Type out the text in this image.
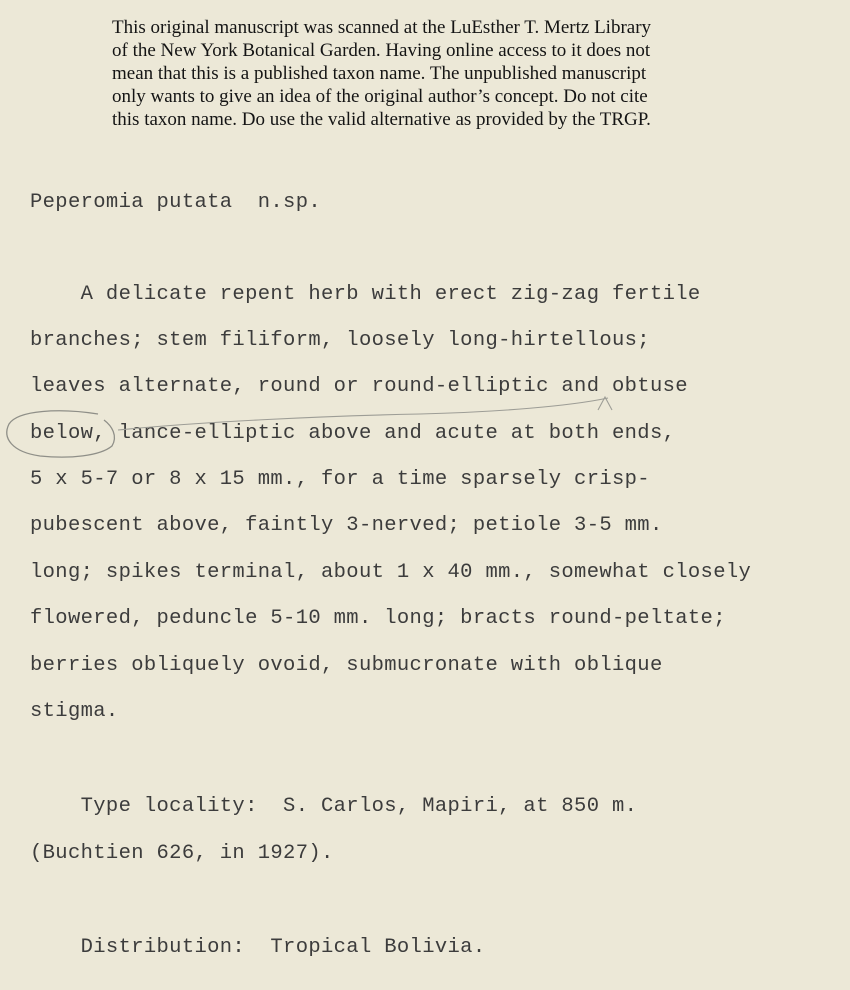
This original manuscript was scanned at the LuEsther T. Mertz Library
of the New York Botanical Garden. Having online access to it does not
mean that this is a published taxon name. The unpublished manuscript
only wants to give an idea of the original author’s concept. Do not cite
this taxon name. Do use the valid alternative as provided by the TRGP.
Peperomia putata  n.sp.
A delicate repent herb with erect zig-zag fertile
branches; stem filiform, loosely long-hirtellous;
leaves alternate, round or round-elliptic and obtuse
below, lance-elliptic above and acute at both ends,
5 x 5-7 or 8 x 15 mm., for a time sparsely crisp-
pubescent above, faintly 3-nerved; petiole 3-5 mm.
long; spikes terminal, about 1 x 40 mm., somewhat closely
flowered, peduncle 5-10 mm. long; bracts round-peltate;
berries obliquely ovoid, submucronate with oblique
stigma.
Type locality:  S. Carlos, Mapiri, at 850 m.
(Buchtien 626, in 1927).
Distribution:  Tropical Bolivia.
